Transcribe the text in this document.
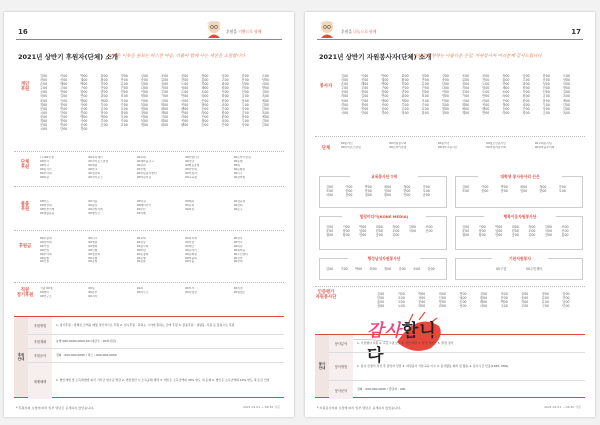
16	후원을 기쁨으로 함께
2021년 상반기 후원자(단체) 소개
어려운 이웃을 돌보는 따스한 마음, 더불어 함께 사는 세상을 소망합니다
개인
후원
김00	이00	박00	최00	정00	강00	조00	윤00	장00	임00	한00	오00
서00	신00	권00	황00	안00	송00	류00	전00	홍00	고00	문00	양00
손00	배00	백00	허00	유00	남00	심00	노00	하00	곽00	성00	차00
주00	우00	구00	민00	진00	나00	지00	엄00	채00	원00	천00	방00
공00	현00	함00	변00	염00	여00	추00	도00	소00	석00	선00	설00
마00	길00	연00	위00	표00	명00	기00	반00	라00	왕00	금00	옥00
육00	인00	맹00	제00	모00	탁00	국00	어00	은00	편00	용00	예00
경00	봉00	사00	부00	가00	복00	태00	목00	형00	피00	두00	감00
음00	빈00	동00	온00	호00	범00	좌00	팽00	승00	간00	상00	갈00
시00	단00	견00	당00	화00	창00	계00	반00	라00	왕00	금00	옥00
육00	인00	맹00	제00	모00	탁00	국00	어00	은00	편00	용00	예00
경00	봉00	사00	부00	가00	복00	태00	목00	형00	피00	두00	감00
음00	빈00	동00	온00	호00	범00	좌00	팽00	승00	간00	상00	갈00
시00	단00	견00
단체
후원
(주)00건설	00복지재단	00교회	00산업(주)	00로타리클럽
00상사	00라이온스클럽	00새마을금고	00성당	00농협
00약국	00병원	00치과	00협동조합	00회
00봉사단	00학교	00신협	00상인회	00문화원
00부녀회	00청년회	00자원봉사센터	00적십자	00(주)
00의원	00라이온스	00어린이집	00교육청	00장학회
물품
후원
00마트	00식품	00떡집	00제과	00정육점
00쌀상회	00농장	00베이커리	00유통	00상회
00반찬가게	00과일가게	00수산	00의류	00문구
00생활용품	00방앗간	00카페
후원금
00후원회	00(주)	00교회	00복지회	00상사
00장학회	00병원	00성당	00상점	00약국
00기업	00협회	00봉사회	00재단	00의원
00산업	00신협	00학원	00로타리	00새마을
00부녀회	00청년회	00동창회	00문화원	00주민센터
00농협	00수협	00은행	00마을회	00전자
00건설	00공업	00유통	00식품	00상회
직원
정기후원
직원 00명	00팀	00과	00부서	00지점
00센터	00본부	00사무소	00사업장	00영업소
00연구소	00지사
후원
안내
후원방법	1. 정기후원 : 정해진 금액을 매월 정기적으로 후원 2. 일시후원 : 원하는 시기에 원하는 금액 후원 3. 물품후원 : 생필품, 식품 등 물품으로 후원
후원계좌	농협 000-0000-0000-00 (예금주 : 00복지관)
후원문의	전화 : 000-000-0000 / 팩스 : 000-000-0000
세제혜택	1. 법인세법 및 소득세법에 의거 기부금 영수증 발급 2. 연말정산 시 소득공제 혜택 3. 개인은 소득금액의 30% 한도 내 공제 4. 법인은 소득금액의 10% 한도 내 손금 인정
* 후원자의 요청에 따라 일부 명단은 공개하지 않았습니다.	2021.01.01 ~ 06.30 기준
후원을 나눔으로 함께	17
2021년 상반기 자원봉사자(단체) 소개
사랑을 실천하는 아름다운 손길, 자원봉사자 여러분께 감사드립니다
봉사자
김00	이00	박00	최00	정00	강00	조00	윤00	장00	임00	한00	오00
서00	신00	권00	황00	안00	송00	류00	전00	홍00	고00	문00	양00
손00	배00	백00	허00	유00	남00	심00	노00	하00	곽00	성00	차00
주00	우00	구00	민00	진00	나00	지00	엄00	채00	원00	천00	방00
공00	현00	함00	변00	염00	여00	추00	도00	소00	석00	선00	설00
마00	길00	연00	위00	표00	명00	기00	반00	라00	왕00	금00	옥00
육00	인00	맹00	제00	모00	탁00	국00	어00	은00	편00	용00	예00
경00	봉00	사00	부00	가00	복00	태00	목00	형00	피00	두00	감00
음00	빈00	동00	온00	호00	범00	좌00	팽00	승00	간00	상00	갈00
시00	단00	견00	당00	화00	창00	계00	반00	라00	왕00	금00	옥00
단체
00봉사단	00자원봉사회	00동아리	00청소년봉사단	00교회봉사팀
00라이온스클럽	00로타리클럽	00대학교봉사단	00적십자봉사회	00새마을부녀회
교육봉사단 T세
김00	이00	박00	최00	정00	강00
조00	윤00	장00	임00	한00	오00
서00	신00	권00	황00	안00	송00
대학생 봉사동아리 끈끈
김00	이00	박00	최00	정00	강00
조00	윤00	장00	임00	한00	오00
힐링미디어(KONE MEDIA)
김00	이00	박00	최00	정00	강00	조00
윤00	장00	임00	한00	오00	서00	신00
권00	황00	안00	송00	류00
행복이음자원봉사단
김00	이00	박00	최00	정00	강00	조00
윤00	장00	임00	한00	오00	서00	신00
권00	황00	안00	송00	류00	전00	홍00
행성남성자원봉사단
김00	이00	박00	최00	정00	강00	조00	윤00
기관자원봉사
00구청	00주민센터
인증평가
자원봉사단
김00	이00	박00	최00	정00	강00	조00	윤00	장00	임00
한00	오00	서00	신00	권00	황00	안00	송00	류00	전00
홍00	고00	문00	양00	손00	배00	백00	허00	유00	남00
심00	노00	하00	곽00	성00	차00	주00	우00	구00	민00
감사합니다
봉사
안내
봉사분야	1. 기관행사 지원 2. 프로그램 보조 3. 반찬 배달 4. 말벗 서비스 5. 환경 정리
봉사방법	1. 봉사 신청서 작성 후 담당자 상담 2. 자원봉사 기본교육 이수 3. 봉사활동 배치 및 활동 4. 봉사시간 인증(1365, VMS)
봉사문의	전화 : 000-000-0000 / 담당자 : 000
* 자원봉사자의 요청에 따라 일부 명단은 공개하지 않았습니다.	2021.01.01 ~ 06.30 기준
